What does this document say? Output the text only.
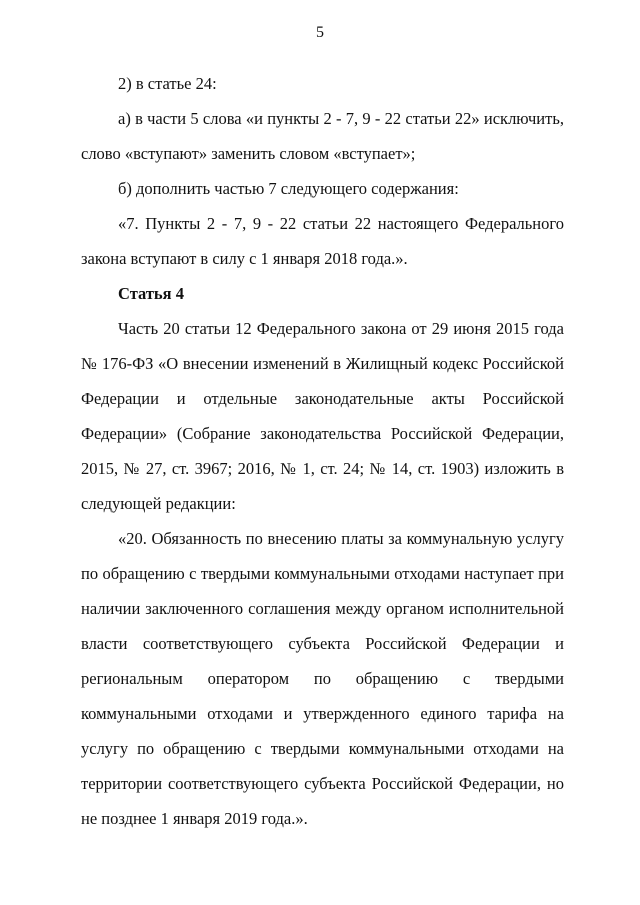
5

2) в статье 24:

а) в части 5 слова «и пункты 2 - 7, 9 - 22 статьи 22» исключить, слово «вступают» заменить словом «вступает»;

б) дополнить частью 7 следующего содержания:

«7. Пункты 2 - 7, 9 - 22 статьи 22 настоящего Федерального закона вступают в силу с 1 января 2018 года.».

Статья 4

Часть 20 статьи 12 Федерального закона от 29 июня 2015 года № 176-ФЗ «О внесении изменений в Жилищный кодекс Российской Федерации и отдельные законодательные акты Российской Федерации» (Собрание законодательства Российской Федерации, 2015, № 27, ст. 3967; 2016, № 1, ст. 24; № 14, ст. 1903) изложить в следующей редакции:

«20. Обязанность по внесению платы за коммунальную услугу по обращению с твердыми коммунальными отходами наступает при наличии заключенного соглашения между органом исполнительной власти соответствующего субъекта Российской Федерации и региональным оператором по обращению с твердыми коммунальными отходами и утвержденного единого тарифа на услугу по обращению с твердыми коммунальными отходами на территории соответствующего субъекта Российской Федерации, но не позднее 1 января 2019 года.».
